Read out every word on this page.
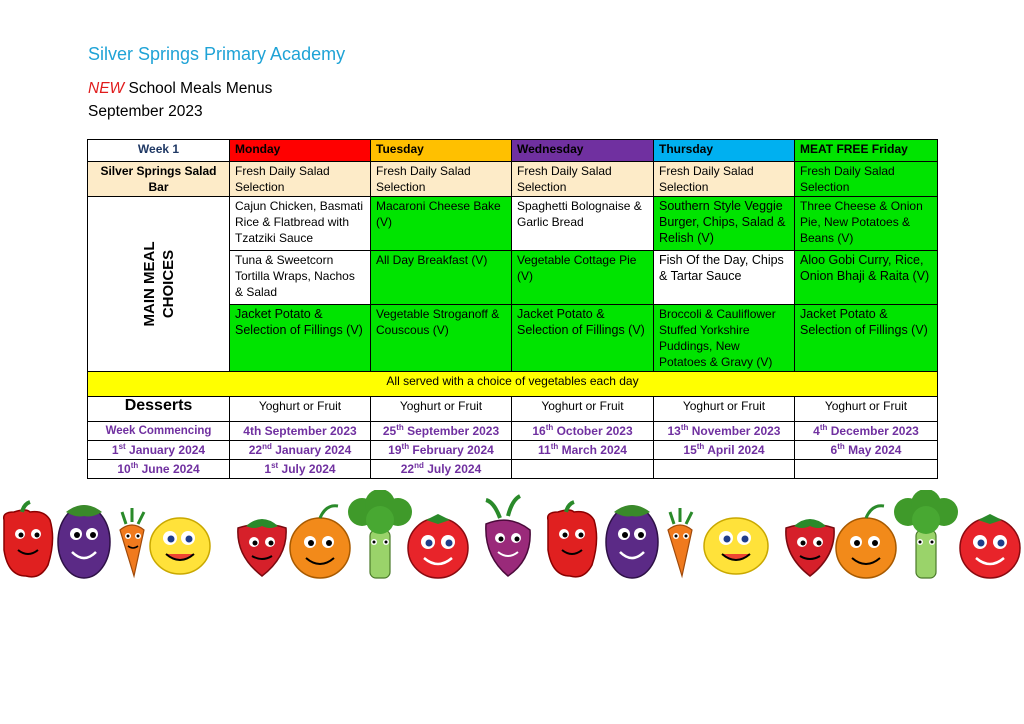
Silver Springs Primary Academy
NEW School Meals Menus
September 2023
Week 1	Monday	Tuesday	Wednesday	Thursday	MEAT FREE Friday
Silver Springs Salad Bar	Fresh Daily Salad Selection	Fresh Daily Salad Selection	Fresh Daily Salad Selection	Fresh Daily Salad Selection	Fresh Daily Salad Selection

MAIN MEAL CHOICES	Cajun Chicken, Basmati Rice & Flatbread with Tzatziki Sauce	Macaroni Cheese Bake (V)	Spaghetti Bolognaise & Garlic Bread	Southern Style Veggie Burger, Chips, Salad & Relish (V)	Three Cheese & Onion Pie, New Potatoes & Beans (V)
	Tuna & Sweetcorn Tortilla Wraps, Nachos & Salad	All Day Breakfast (V)	Vegetable Cottage Pie (V)	Fish Of the Day, Chips & Tartar Sauce	Aloo Gobi Curry, Rice, Onion Bhaji & Raita (V)
	Jacket Potato & Selection of Fillings (V)	Vegetable Stroganoff & Couscous (V)	Jacket Potato & Selection of Fillings (V)	Broccoli & Cauliflower Stuffed Yorkshire Puddings, New Potatoes & Gravy (V)	Jacket Potato & Selection of Fillings (V)
All served with a choice of vegetables each day					
Desserts	Yoghurt or Fruit	Yoghurt or Fruit	Yoghurt or Fruit	Yoghurt or Fruit	Yoghurt or Fruit
Week Commencing	4th September 2023	25th September 2023	16th October 2023	13th November 2023	4th December 2023
1st January 2024	22nd January 2024	19th February 2024	11th March 2024	15th April 2024	6th May 2024
10th June 2024	1st July 2024	22nd July 2024			
